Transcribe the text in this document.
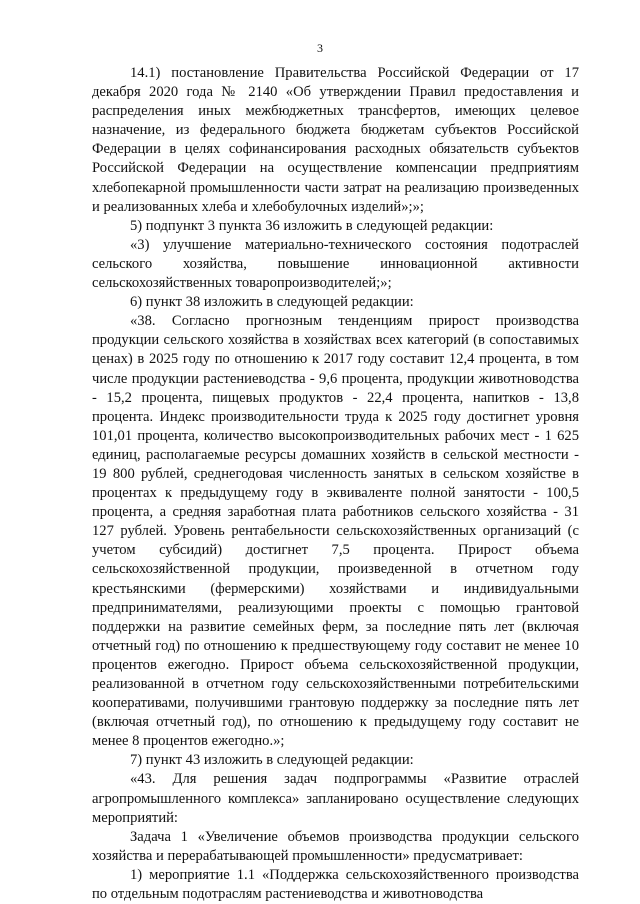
3

14.1) постановление Правительства Российской Федерации от 17 декабря 2020 года № 2140 «Об утверждении Правил предоставления и распределения иных межбюджетных трансфертов, имеющих целевое назначение, из федерального бюджета бюджетам субъектов Российской Федерации в целях софинансирования расходных обязательств субъектов Российской Федерации на осуществление компенсации предприятиям хлебопекарной промышленности части затрат на реализацию произведенных и реализованных хлеба и хлебобулочных изделий»;»;

5) подпункт 3 пункта 36 изложить в следующей редакции:

«3) улучшение материально-технического состояния подотраслей сельского хозяйства, повышение инновационной активности сельскохозяйственных товаропроизводителей;»;

6) пункт 38 изложить в следующей редакции:

«38. Согласно прогнозным тенденциям прирост производства продукции сельского хозяйства в хозяйствах всех категорий (в сопоставимых ценах) в 2025 году по отношению к 2017 году составит 12,4 процента, в том числе продукции растениеводства - 9,6 процента, продукции животноводства - 15,2 процента, пищевых продуктов - 22,4 процента, напитков - 13,8 процента. Индекс производительности труда к 2025 году достигнет уровня 101,01 процента, количество высокопроизводительных рабочих мест - 1 625 единиц, располагаемые ресурсы домашних хозяйств в сельской местности - 19 800 рублей, среднегодовая численность занятых в сельском хозяйстве в процентах к предыдущему году в эквиваленте полной занятости - 100,5 процента, а средняя заработная плата работников сельского хозяйства - 31 127 рублей. Уровень рентабельности сельскохозяйственных организаций (с учетом субсидий) достигнет 7,5 процента. Прирост объема сельскохозяйственной продукции, произведенной в отчетном году крестьянскими (фермерскими) хозяйствами и индивидуальными предпринимателями, реализующими проекты с помощью грантовой поддержки на развитие семейных ферм, за последние пять лет (включая отчетный год) по отношению к предшествующему году составит не менее 10 процентов ежегодно. Прирост объема сельскохозяйственной продукции, реализованной в отчетном году сельскохозяйственными потребительскими кооперативами, получившими грантовую поддержку за последние пять лет (включая отчетный год), по отношению к предыдущему году составит не менее 8 процентов ежегодно.»;

7) пункт 43 изложить в следующей редакции:

«43. Для решения задач подпрограммы «Развитие отраслей агропромышленного комплекса» запланировано осуществление следующих мероприятий:

Задача 1 «Увеличение объемов производства продукции сельского хозяйства и перерабатывающей промышленности» предусматривает:

1) мероприятие 1.1 «Поддержка сельскохозяйственного производства по отдельным подотраслям растениеводства и животноводства
